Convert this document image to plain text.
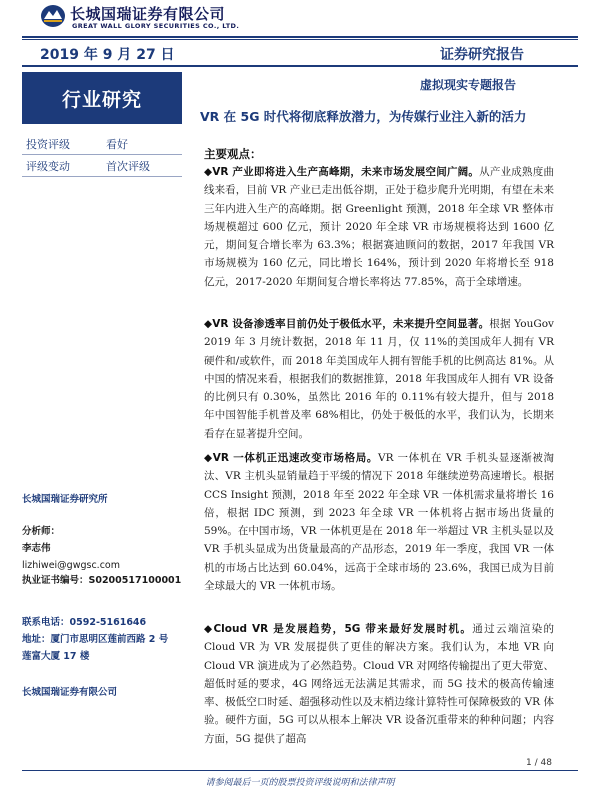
长城国瑞证券有限公司
GREAT WALL GLORY SECURITIES CO., LTD.
2019 年 9 月 27 日	证券研究报告
行业研究
虚拟现实专题报告
VR 在 5G 时代将彻底释放潜力，为传媒行业注入新的活力
投资评级	看好
评级变动	首次评级
主要观点：
◆VR 产业即将进入生产高峰期，未来市场发展空间广阔。从产业成熟度曲线来看，目前 VR 产业已走出低谷期，正处于稳步爬升光明期，有望在未来三年内进入生产的高峰期。据 Greenlight 预测，2018 年全球 VR 整体市场规模超过 600 亿元，预计 2020 年全球 VR 市场规模将达到 1600 亿元，期间复合增长率为 63.3%；根据赛迪顾问的数据，2017 年我国 VR 市场规模为 160 亿元，同比增长 164%，预计到 2020 年将增长至 918 亿元，2017-2020 年期间复合增长率将达 77.85%，高于全球增速。
◆VR 设备渗透率目前仍处于极低水平，未来提升空间显著。根据 YouGov 2019 年 3 月统计数据，2018 年 11 月，仅 11%的美国成年人拥有 VR 硬件和/或软件，而 2018 年美国成年人拥有智能手机的比例高达 81%。从中国的情况来看，根据我们的数据推算，2018 年我国成年人拥有 VR 设备的比例只有 0.30%，虽然比 2016 年的 0.11%有较大提升，但与 2018 年中国智能手机普及率 68%相比，仍处于极低的水平，我们认为，长期来看存在显著提升空间。
◆VR 一体机正迅速改变市场格局。VR 一体机在 VR 手机头显逐渐被淘汰、VR 主机头显销量趋于平缓的情况下 2018 年继续逆势高速增长。根据 CCS Insight 预测，2018 年至 2022 年全球 VR 一体机需求量将增长 16 倍，根据 IDC 预测，到 2023 年全球 VR 一体机将占据市场出货量的 59%。在中国市场，VR 一体机更是在 2018 年一举超过 VR 主机头显以及 VR 手机头显成为出货量最高的产品形态，2019 年一季度，我国 VR 一体机的市场占比达到 60.04%，远高于全球市场的 23.6%，我国已成为目前全球最大的 VR 一体机市场。
◆Cloud VR 是发展趋势，5G 带来最好发展时机。通过云端渲染的 Cloud VR 为 VR 发展提供了更佳的解决方案。我们认为，本地 VR 向 Cloud VR 演进成为了必然趋势。Cloud VR 对网络传输提出了更大带宽、超低时延的要求，4G 网络远无法满足其需求，而 5G 技术的极高传输速率、极低空口时延、超强移动性以及末梢边缘计算特性可保障极致的 VR 体验。硬件方面，5G 可以从根本上解决 VR 设备沉重带来的种种问题；内容方面，5G 提供了超高
长城国瑞证券研究所
分析师：
李志伟
lizhiwei@gwgsc.com
执业证书编号：S0200517100001
联系电话：0592-5161646
地址：厦门市思明区莲前西路 2 号
莲富大厦 17 楼
长城国瑞证券有限公司
1 / 48
请参阅最后一页的股票投资评级说明和法律声明
